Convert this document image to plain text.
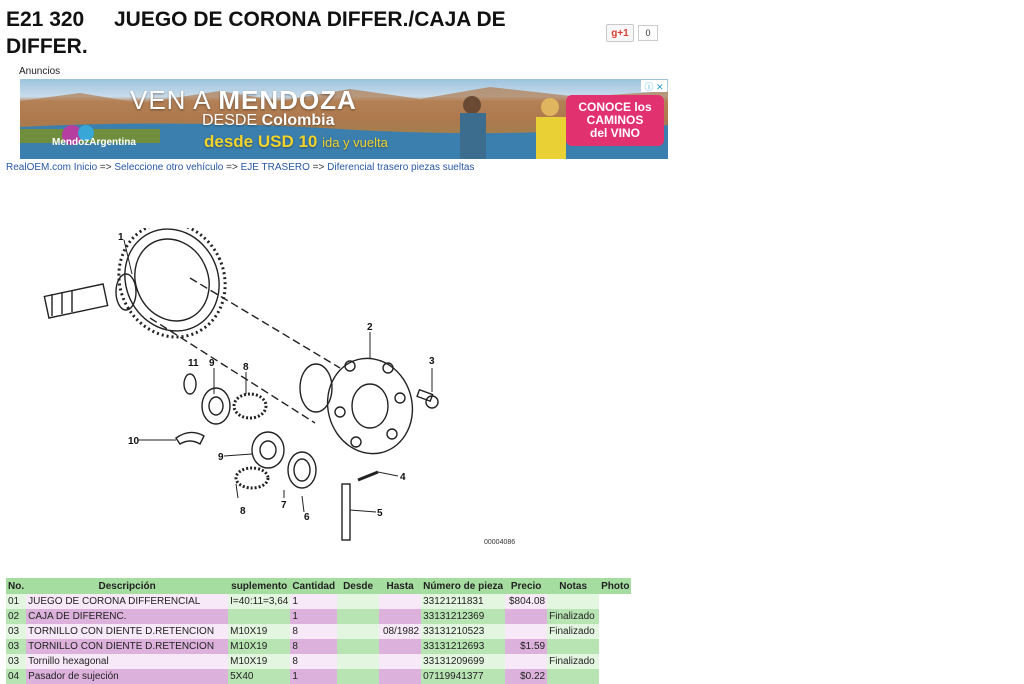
E21 320 JUEGO DE CORONA DIFFER./CAJA DE DIFFER.
g+1	0
Anuncios
VEN A MENDOZA
DESDE Colombia
desde USD 10 ida y vuelta
MendozArgentina
CONOCE los
CAMINOS
del VINO
ⓘ ✕
RealOEM.com Inicio => Seleccione otro vehículo => EJE TRASERO => Diferencial trasero piezas sueltas
1
2
3
4
5
6
7
8
8
9
9
10
11
00004086
No.	Descripción	suplemento	Cantidad	Desde	Hasta	Número de pieza	Precio	Notas	Photo
01	JUEGO DE CORONA DIFFERENCIAL	I=40:11=3,64	1			33121211831	$804.08		
02	CAJA DE DIFERENC.		1			33131212369		Finalizado	
03	TORNILLO CON DIENTE D.RETENCION	M10X19	8		08/1982	33131210523		Finalizado	
03	TORNILLO CON DIENTE D.RETENCION	M10X19	8			33131212693	$1.59		
03	Tornillo hexagonal	M10X19	8			33131209699		Finalizado	
04	Pasador de sujeción	5X40	1			07119941377	$0.22		
